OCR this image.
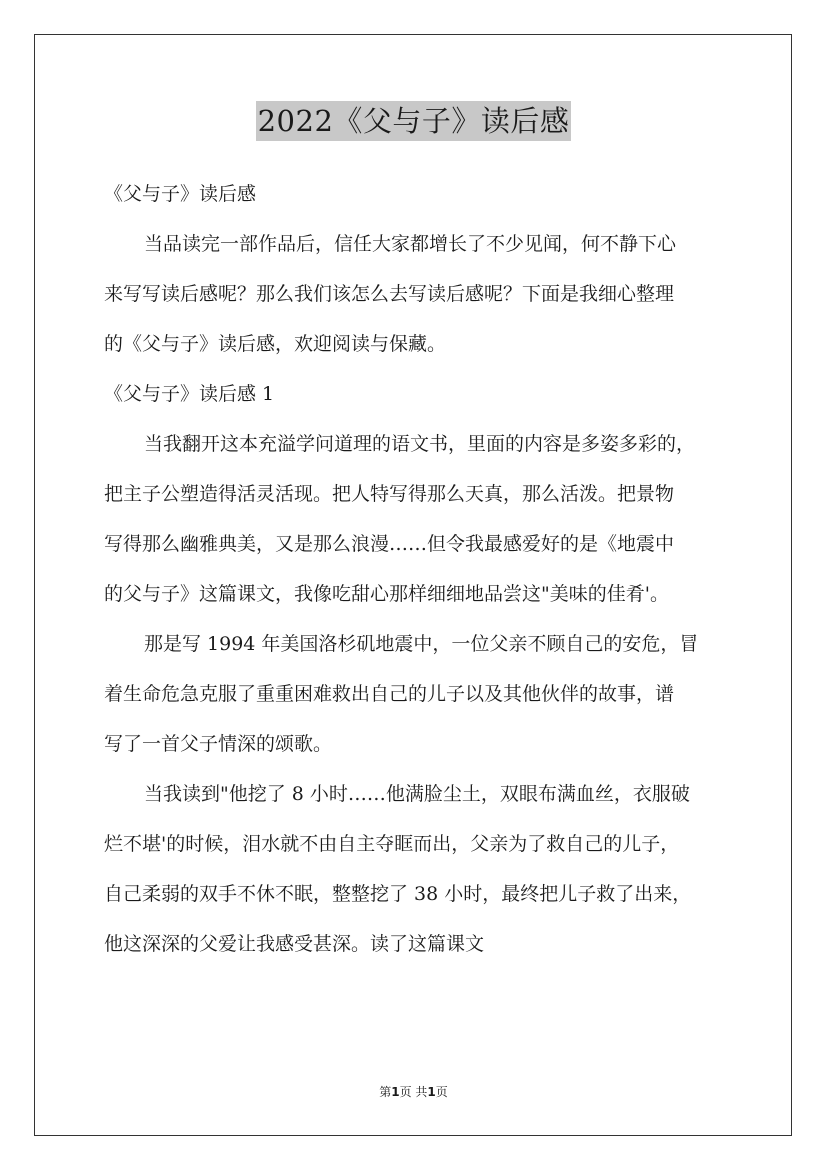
2022《父与子》读后感
《父与子》读后感
当品读完一部作品后，信任大家都增长了不少见闻，何不静下心
来写写读后感呢？那么我们该怎么去写读后感呢？下面是我细心整理
的《父与子》读后感，欢迎阅读与保藏。
《父与子》读后感 1
当我翻开这本充溢学问道理的语文书，里面的内容是多姿多彩的，
把主子公塑造得活灵活现。把人特写得那么天真，那么活泼。把景物
写得那么幽雅典美，又是那么浪漫……但令我最感爱好的是《地震中
的父与子》这篇课文，我像吃甜心那样细细地品尝这"美味的佳肴'。
那是写 1994 年美国洛杉矶地震中，一位父亲不顾自己的安危，冒
着生命危急克服了重重困难救出自己的儿子以及其他伙伴的故事，谱
写了一首父子情深的颂歌。
当我读到"他挖了 8 小时……他满脸尘土，双眼布满血丝，衣服破
烂不堪'的时候，泪水就不由自主夺眶而出，父亲为了救自己的儿子，
自己柔弱的双手不休不眠，整整挖了 38 小时，最终把儿子救了出来，
他这深深的父爱让我感受甚深。读了这篇课文
第1页 共1页
